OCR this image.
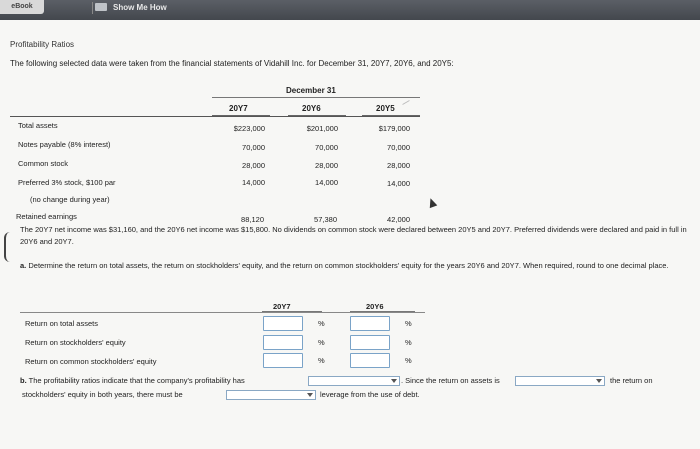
eBook	Show Me How
Profitability Ratios
The following selected data were taken from the financial statements of Vidahill Inc. for December 31, 20Y7, 20Y6, and 20Y5:
December 31
20Y7	20Y6	20Y5
Total assets	$223,000	$201,000	$179,000
Notes payable (8% interest)	70,000	70,000	70,000
Common stock	28,000	28,000	28,000
Preferred 3% stock, $100 par	14,000	14,000	14,000
(no change during year)
Retained earnings	88,120	57,380	42,000
The 20Y7 net income was $31,160, and the 20Y6 net income was $15,800. No dividends on common stock were declared between 20Y5 and 20Y7. Preferred dividends were declared and paid in full in 20Y6 and 20Y7.
a. Determine the return on total assets, the return on stockholders' equity, and the return on common stockholders' equity for the years 20Y6 and 20Y7. When required, round to one decimal place.
20Y7	20Y6
Return on total assets	%	%
Return on stockholders' equity	%	%
Return on common stockholders' equity	%	%
b. The profitability ratios indicate that the company's profitability has	. Since the return on assets is	the return on
stockholders' equity in both years, there must be	leverage from the use of debt.
